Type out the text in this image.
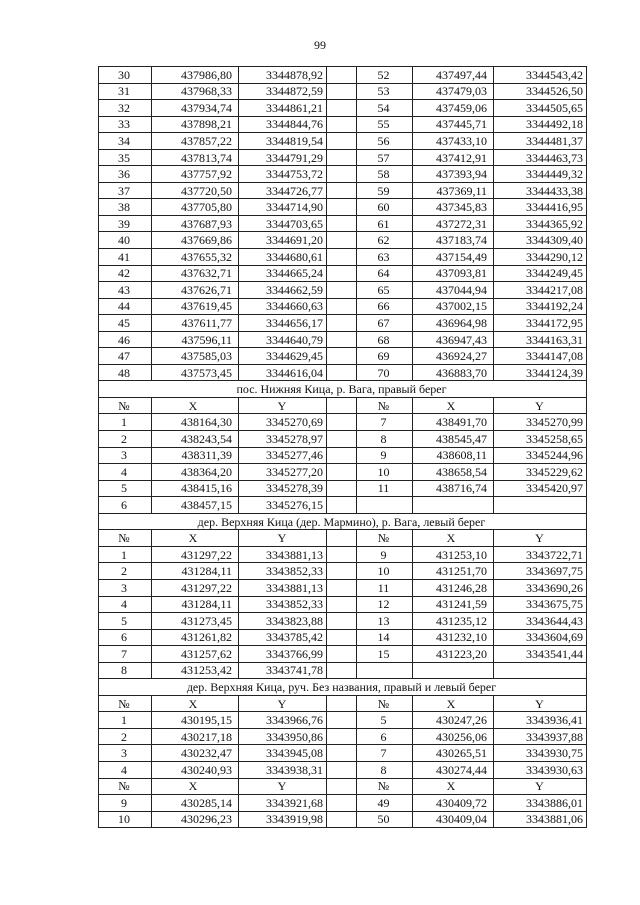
99
30	437986,80	3344878,92		52	437497,44	3344543,42
31	437968,33	3344872,59		53	437479,03	3344526,50
32	437934,74	3344861,21		54	437459,06	3344505,65
33	437898,21	3344844,76		55	437445,71	3344492,18
34	437857,22	3344819,54		56	437433,10	3344481,37
35	437813,74	3344791,29		57	437412,91	3344463,73
36	437757,92	3344753,72		58	437393,94	3344449,32
37	437720,50	3344726,77		59	437369,11	3344433,38
38	437705,80	3344714,90		60	437345,83	3344416,95
39	437687,93	3344703,65		61	437272,31	3344365,92
40	437669,86	3344691,20		62	437183,74	3344309,40
41	437655,32	3344680,61		63	437154,49	3344290,12
42	437632,71	3344665,24		64	437093,81	3344249,45
43	437626,71	3344662,59		65	437044,94	3344217,08
44	437619,45	3344660,63		66	437002,15	3344192,24
45	437611,77	3344656,17		67	436964,98	3344172,95
46	437596,11	3344640,79		68	436947,43	3344163,31
47	437585,03	3344629,45		69	436924,27	3344147,08
48	437573,45	3344616,04		70	436883,70	3344124,39
пос. Нижняя Кица, р. Вага, правый берег						
№	X	Y		№	X	Y
1	438164,30	3345270,69		7	438491,70	3345270,99
2	438243,54	3345278,97		8	438545,47	3345258,65
3	438311,39	3345277,46		9	438608,11	3345244,96
4	438364,20	3345277,20		10	438658,54	3345229,62
5	438415,16	3345278,39		11	438716,74	3345420,97
6	438457,15	3345276,15				
дер. Верхняя Кица (дер. Мармино), р. Вага, левый берег						
№	X	Y		№	X	Y
1	431297,22	3343881,13		9	431253,10	3343722,71
2	431284,11	3343852,33		10	431251,70	3343697,75
3	431297,22	3343881,13		11	431246,28	3343690,26
4	431284,11	3343852,33		12	431241,59	3343675,75
5	431273,45	3343823,88		13	431235,12	3343644,43
6	431261,82	3343785,42		14	431232,10	3343604,69
7	431257,62	3343766,99		15	431223,20	3343541,44
8	431253,42	3343741,78				
дер. Верхняя Кица, руч. Без названия, правый и левый берег						
№	X	Y		№	X	Y
1	430195,15	3343966,76		5	430247,26	3343936,41
2	430217,18	3343950,86		6	430256,06	3343937,88
3	430232,47	3343945,08		7	430265,51	3343930,75
4	430240,93	3343938,31		8	430274,44	3343930,63
№	X	Y		№	X	Y
9	430285,14	3343921,68		49	430409,72	3343886,01
10	430296,23	3343919,98		50	430409,04	3343881,06
